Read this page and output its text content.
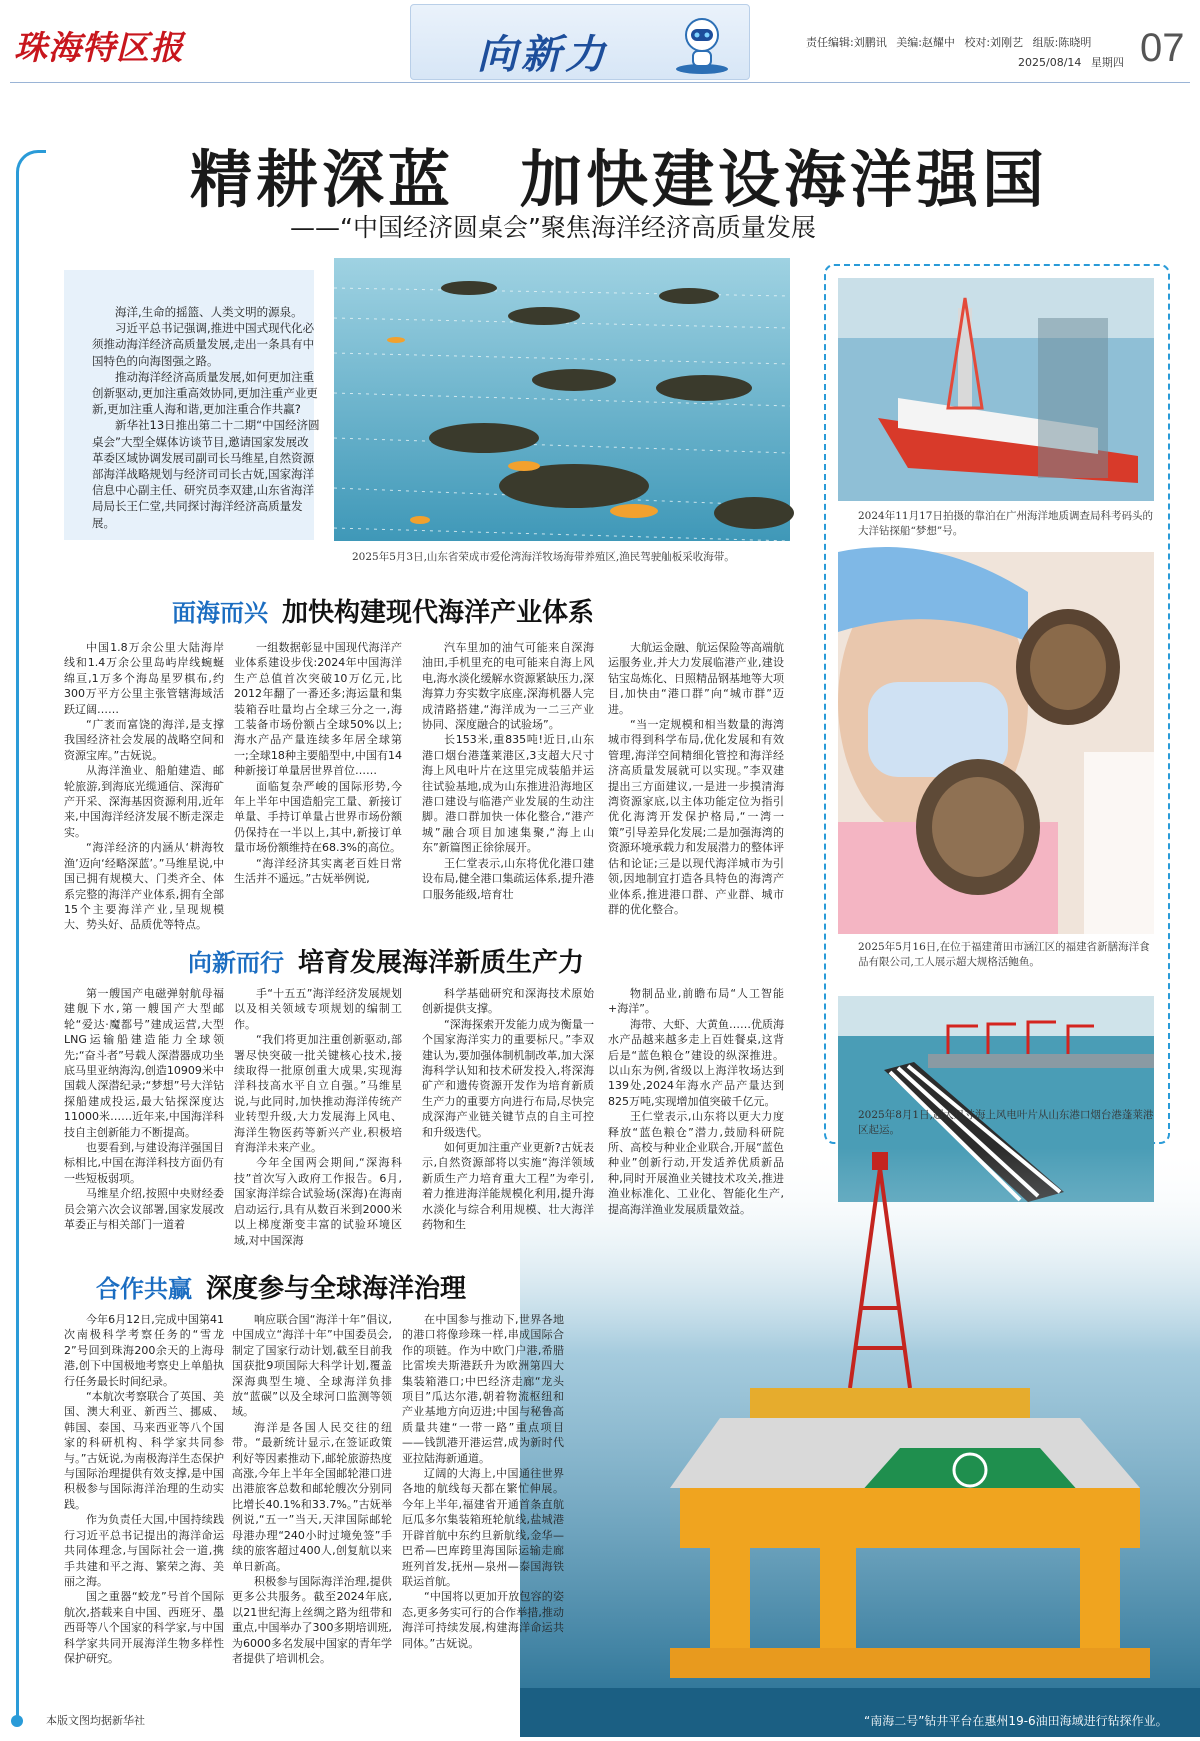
珠海特区报	向新力	责任编辑:刘鹏讯 美编:赵耀中 校对:刘刚艺 组版:陈晓明
2025/08/14 星期四 07
精耕深蓝　加快建设海洋强国
——“中国经济圆桌会”聚焦海洋经济高质量发展

海洋,生命的摇篮、人类文明的源泉。

习近平总书记强调,推进中国式现代化必须推动海洋经济高质量发展,走出一条具有中国特色的向海图强之路。

推动海洋经济高质量发展,如何更加注重创新驱动,更加注重高效协同,更加注重产业更新,更加注重人海和谐,更加注重合作共赢?

新华社13日推出第二十二期“中国经济圆桌会”大型全媒体访谈节目,邀请国家发展改革委区域协调发展司副司长马维星,自然资源部海洋战略规划与经济司司长古妩,国家海洋信息中心副主任、研究员李双建,山东省海洋局局长王仁堂,共同探讨海洋经济高质量发展。

2025年5月3日,山东省荣成市爱伦湾海洋牧场海带养殖区,渔民驾驶舢板采收海带。
2024年11月17日拍摄的靠泊在广州海洋地质调查局科考码头的大洋钻探船“梦想”号。
2025年5月16日,在位于福建莆田市涵江区的福建省新膳海洋食品有限公司,工人展示超大规格活鲍鱼。
2025年8月1日,超大尺寸海上风电叶片从山东港口烟台港蓬莱港区起运。
“南海二号”钻井平台在惠州19-6油田海域进行钻探作业。
面海而兴 加快构建现代海洋产业体系

中国1.8万余公里大陆海岸线和1.4万余公里岛屿岸线蜿蜒绵亘,1万多个海岛星罗棋布,约300万平方公里主张管辖海域活跃辽阔……

“广袤而富饶的海洋,是支撑我国经济社会发展的战略空间和资源宝库。”古妩说。

从海洋渔业、船舶建造、邮轮旅游,到海底光缆通信、深海矿产开采、深海基因资源利用,近年来,中国海洋经济发展不断走深走实。

“海洋经济的内涵从‘耕海牧渔’迈向‘经略深蓝’。”马维星说,中国已拥有规模大、门类齐全、体系完整的海洋产业体系,拥有全部15个主要海洋产业,呈现规模大、势头好、品质优等特点。

一组数据彰显中国现代海洋产业体系建设步伐:2024年中国海洋生产总值首次突破10万亿元,比2012年翻了一番还多;海运量和集装箱吞吐量均占全球三分之一,海工装备市场份额占全球50%以上;海水产品产量连续多年居全球第一;全球18种主要船型中,中国有14种新接订单量居世界首位……

面临复杂严峻的国际形势,今年上半年中国造船完工量、新接订单量、手持订单量占世界市场份额仍保持在一半以上,其中,新接订单量市场份额维持在68.3%的高位。

“海洋经济其实离老百姓日常生活并不遥远。”古妩举例说,

汽车里加的油气可能来自深海油田,手机里充的电可能来自海上风电,海水淡化缓解水资源紧缺压力,深海算力夯实数字底座,深海机器人完成清路搭建,“海洋成为一二三产业协同、深度融合的试验场”。

长153米,重835吨!近日,山东港口烟台港蓬莱港区,3支超大尺寸海上风电叶片在这里完成装船并运往试验基地,成为山东推进沿海地区港口建设与临港产业发展的生动注脚。港口群加快一体化整合,“港产城”融合项目加速集聚,“海上山东”新篇图正徐徐展开。

王仁堂表示,山东将优化港口建设布局,健全港口集疏运体系,提升港口服务能级,培育壮

大航运金融、航运保险等高端航运服务业,并大力发展临港产业,建设钻宝岛炼化、日照精品钢基地等大项目,加快由“港口群”向“城市群”迈进。

“当一定规模和相当数量的海湾城市得到科学布局,优化发展和有效管理,海洋空间精细化管控和海洋经济高质量发展就可以实现。”李双建提出三方面建议,一是进一步摸清海湾资源家底,以主体功能定位为指引优化海湾开发保护格局,“一湾一策”引导差异化发展;二是加强海湾的资源环境承载力和发展潜力的整体评估和论证;三是以现代海洋城市为引领,因地制宜打造各具特色的海湾产业体系,推进港口群、产业群、城市群的优化整合。

向新而行 培育发展海洋新质生产力

第一艘国产电磁弹射航母福建舰下水,第一艘国产大型邮轮“爱达·魔都号”建成运营,大型LNG运输船建造能力全球领先;“奋斗者”号载人深潜器成功坐底马里亚纳海沟,创造10909米中国载人深潜纪录;“梦想”号大洋钻探船建成投运,最大钻探深度达11000米……近年来,中国海洋科技自主创新能力不断提高。

也要看到,与建设海洋强国目标相比,中国在海洋科技方面仍有一些短板弱项。

马维星介绍,按照中央财经委员会第六次会议部署,国家发展改革委正与相关部门一道着

手“十五五”海洋经济发展规划以及相关领域专项规划的编制工作。

“我们将更加注重创新驱动,部署尽快突破一批关键核心技术,接续取得一批原创重大成果,实现海洋科技高水平自立自强。”马维星说,与此同时,加快推动海洋传统产业转型升级,大力发展海上风电、海洋生物医药等新兴产业,积极培育海洋未来产业。

今年全国两会期间,“深海科技”首次写入政府工作报告。6月,国家海洋综合试验场(深海)在海南启动运行,具有从数百米到2000米以上梯度渐变丰富的试验环境区域,对中国深海

科学基础研究和深海技术原始创新提供支撑。

“深海探索开发能力成为衡量一个国家海洋实力的重要标尺。”李双建认为,要加强体制机制改革,加大深海科学认知和技术研发投入,将深海矿产和遗传资源开发作为培育新质生产力的重要方向进行布局,尽快完成深海产业链关键节点的自主可控和升级迭代。

如何更加注重产业更新?古妩表示,自然资源部将以实施“海洋领域新质生产力培育重大工程”为牵引,着力推进海洋能规模化利用,提升海水淡化与综合利用规模、壮大海洋药物和生

物制品业,前瞻布局“人工智能+海洋”。

海带、大虾、大黄鱼……优质海水产品越来越多走上百姓餐桌,这背后是“蓝色粮仓”建设的纵深推进。以山东为例,省级以上海洋牧场达到139处,2024年海水产品产量达到825万吨,实现增加值突破千亿元。

王仁堂表示,山东将以更大力度释放“蓝色粮仓”潜力,鼓励科研院所、高校与种业企业联合,开展“蓝色种业”创新行动,开发适养优质新品种,同时开展渔业关键技术攻关,推进渔业标准化、工业化、智能化生产,提高海洋渔业发展质量效益。

合作共赢 深度参与全球海洋治理

今年6月12日,完成中国第41次南极科学考察任务的“雪龙2”号回到珠海200余天的上海母港,创下中国极地考察史上单船执行任务最长时间纪录。

“本航次考察联合了英国、美国、澳大利亚、新西兰、挪威、韩国、泰国、马来西亚等八个国家的科研机构、科学家共同参与。”古妩说,为南极海洋生态保护与国际治理提供有效支撑,是中国积极参与国际海洋治理的生动实践。

作为负责任大国,中国持续践行习近平总书记提出的海洋命运共同体理念,与国际社会一道,携手共建和平之海、繁荣之海、美丽之海。

国之重器“蛟龙”号首个国际航次,搭载来自中国、西班牙、墨西哥等八个国家的科学家,与中国科学家共同开展海洋生物多样性保护研究。

响应联合国“海洋十年”倡议,中国成立“海洋十年”中国委员会,制定了国家行动计划,截至目前我国获批9项国际大科学计划,覆盖深海典型生境、全球海洋负排放“蓝碳”以及全球河口监测等领域。

海洋是各国人民交往的纽带。“最新统计显示,在签证政策利好等因素推动下,邮轮旅游热度高涨,今年上半年全国邮轮港口进出港旅客总数和邮轮艘次分别同比增长40.1%和33.7%。”古妩举例说,“五一”当天,天津国际邮轮母港办理“240小时过境免签”手续的旅客超过400人,创复航以来单日新高。

积极参与国际海洋治理,提供更多公共服务。截至2024年底,以21世纪海上丝绸之路为纽带和重点,中国举办了300多期培训班,为6000多名发展中国家的青年学者提供了培训机会。

在中国参与推动下,世界各地的港口将像珍珠一样,串成国际合作的项链。作为中欧门户港,希腊比雷埃夫斯港跃升为欧洲第四大集装箱港口;中巴经济走廊“龙头项目”瓜达尔港,朝着物流枢纽和产业基地方向迈进;中国与秘鲁高质量共建“一带一路”重点项目——钱凯港开港运营,成为新时代亚拉陆海新通道。

辽阔的大海上,中国通往世界各地的航线每天都在繁忙伸展。今年上半年,福建省开通首条直航厄瓜多尔集装箱班轮航线,盐城港开辟首航中东约旦新航线,金华—巴希—巴库跨里海国际运输走廊班列首发,抚州—泉州—泰国海铁联运首航。

“中国将以更加开放包容的姿态,更多务实可行的合作举措,推动海洋可持续发展,构建海洋命运共同体。”古妩说。

本版文图均据新华社
